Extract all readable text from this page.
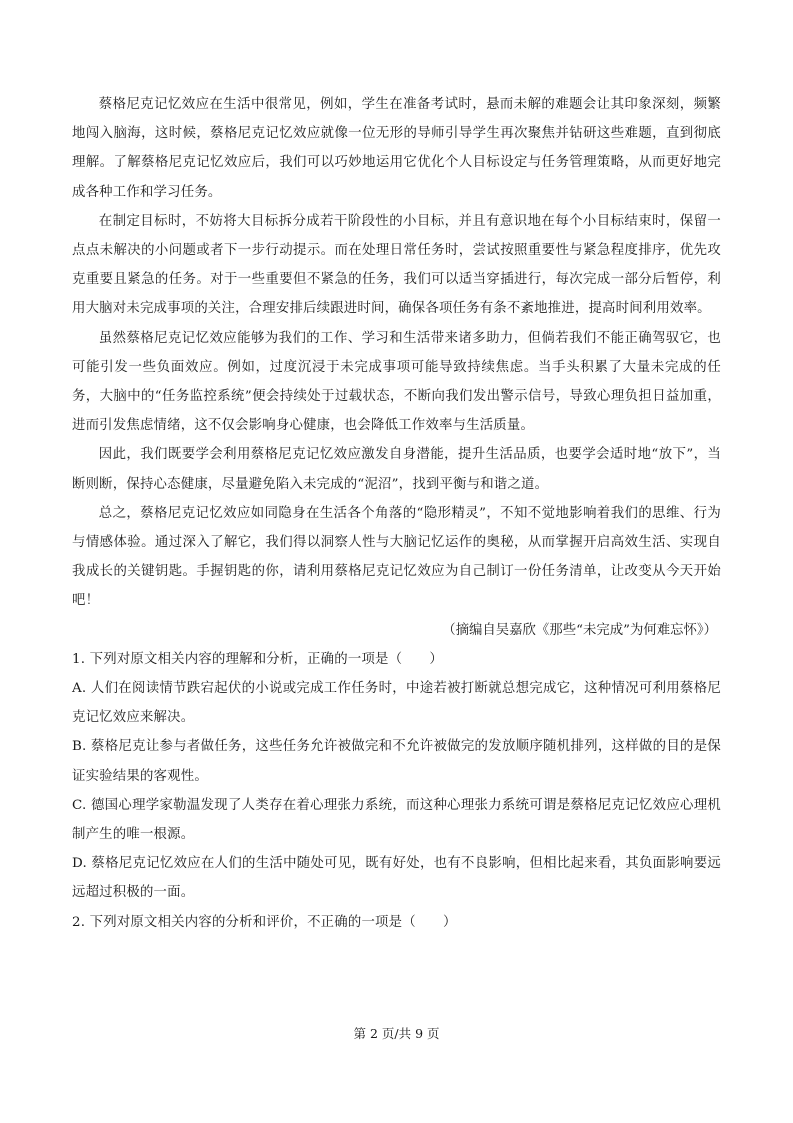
蔡格尼克记忆效应在生活中很常见，例如，学生在准备考试时，悬而未解的难题会让其印象深刻，频繁地闯入脑海，这时候，蔡格尼克记忆效应就像一位无形的导师引导学生再次聚焦并钻研这些难题，直到彻底理解。了解蔡格尼克记忆效应后，我们可以巧妙地运用它优化个人目标设定与任务管理策略，从而更好地完成各种工作和学习任务。

在制定目标时，不妨将大目标拆分成若干阶段性的小目标，并且有意识地在每个小目标结束时，保留一点点未解决的小问题或者下一步行动提示。而在处理日常任务时，尝试按照重要性与紧急程度排序，优先攻克重要且紧急的任务。对于一些重要但不紧急的任务，我们可以适当穿插进行，每次完成一部分后暂停，利用大脑对未完成事项的关注，合理安排后续跟进时间，确保各项任务有条不紊地推进，提高时间利用效率。

虽然蔡格尼克记忆效应能够为我们的工作、学习和生活带来诸多助力，但倘若我们不能正确驾驭它，也可能引发一些负面效应。例如，过度沉浸于未完成事项可能导致持续焦虑。当手头积累了大量未完成的任务，大脑中的“任务监控系统”便会持续处于过载状态，不断向我们发出警示信号，导致心理负担日益加重，进而引发焦虑情绪，这不仅会影响身心健康，也会降低工作效率与生活质量。

因此，我们既要学会利用蔡格尼克记忆效应激发自身潜能，提升生活品质，也要学会适时地“放下”，当断则断，保持心态健康，尽量避免陷入未完成的“泥沼”，找到平衡与和谐之道。

总之，蔡格尼克记忆效应如同隐身在生活各个角落的“隐形精灵”，不知不觉地影响着我们的思维、行为与情感体验。通过深入了解它，我们得以洞察人性与大脑记忆运作的奥秘，从而掌握开启高效生活、实现自我成长的关键钥匙。手握钥匙的你，请利用蔡格尼克记忆效应为自己制订一份任务清单，让改变从今天开始吧！

（摘编自吴嘉欣《那些“未完成”为何难忘怀》）

1. 下列对原文相关内容的理解和分析，正确的一项是（　　）

A. 人们在阅读情节跌宕起伏的小说或完成工作任务时，中途若被打断就总想完成它，这种情况可利用蔡格尼克记忆效应来解决。

B. 蔡格尼克让参与者做任务，这些任务允许被做完和不允许被做完的发放顺序随机排列，这样做的目的是保证实验结果的客观性。

C. 德国心理学家勒温发现了人类存在着心理张力系统，而这种心理张力系统可谓是蔡格尼克记忆效应心理机制产生的唯一根源。

D. 蔡格尼克记忆效应在人们的生活中随处可见，既有好处，也有不良影响，但相比起来看，其负面影响要远远超过积极的一面。

2. 下列对原文相关内容的分析和评价，不正确的一项是（　　）

第 2 页/共 9 页
